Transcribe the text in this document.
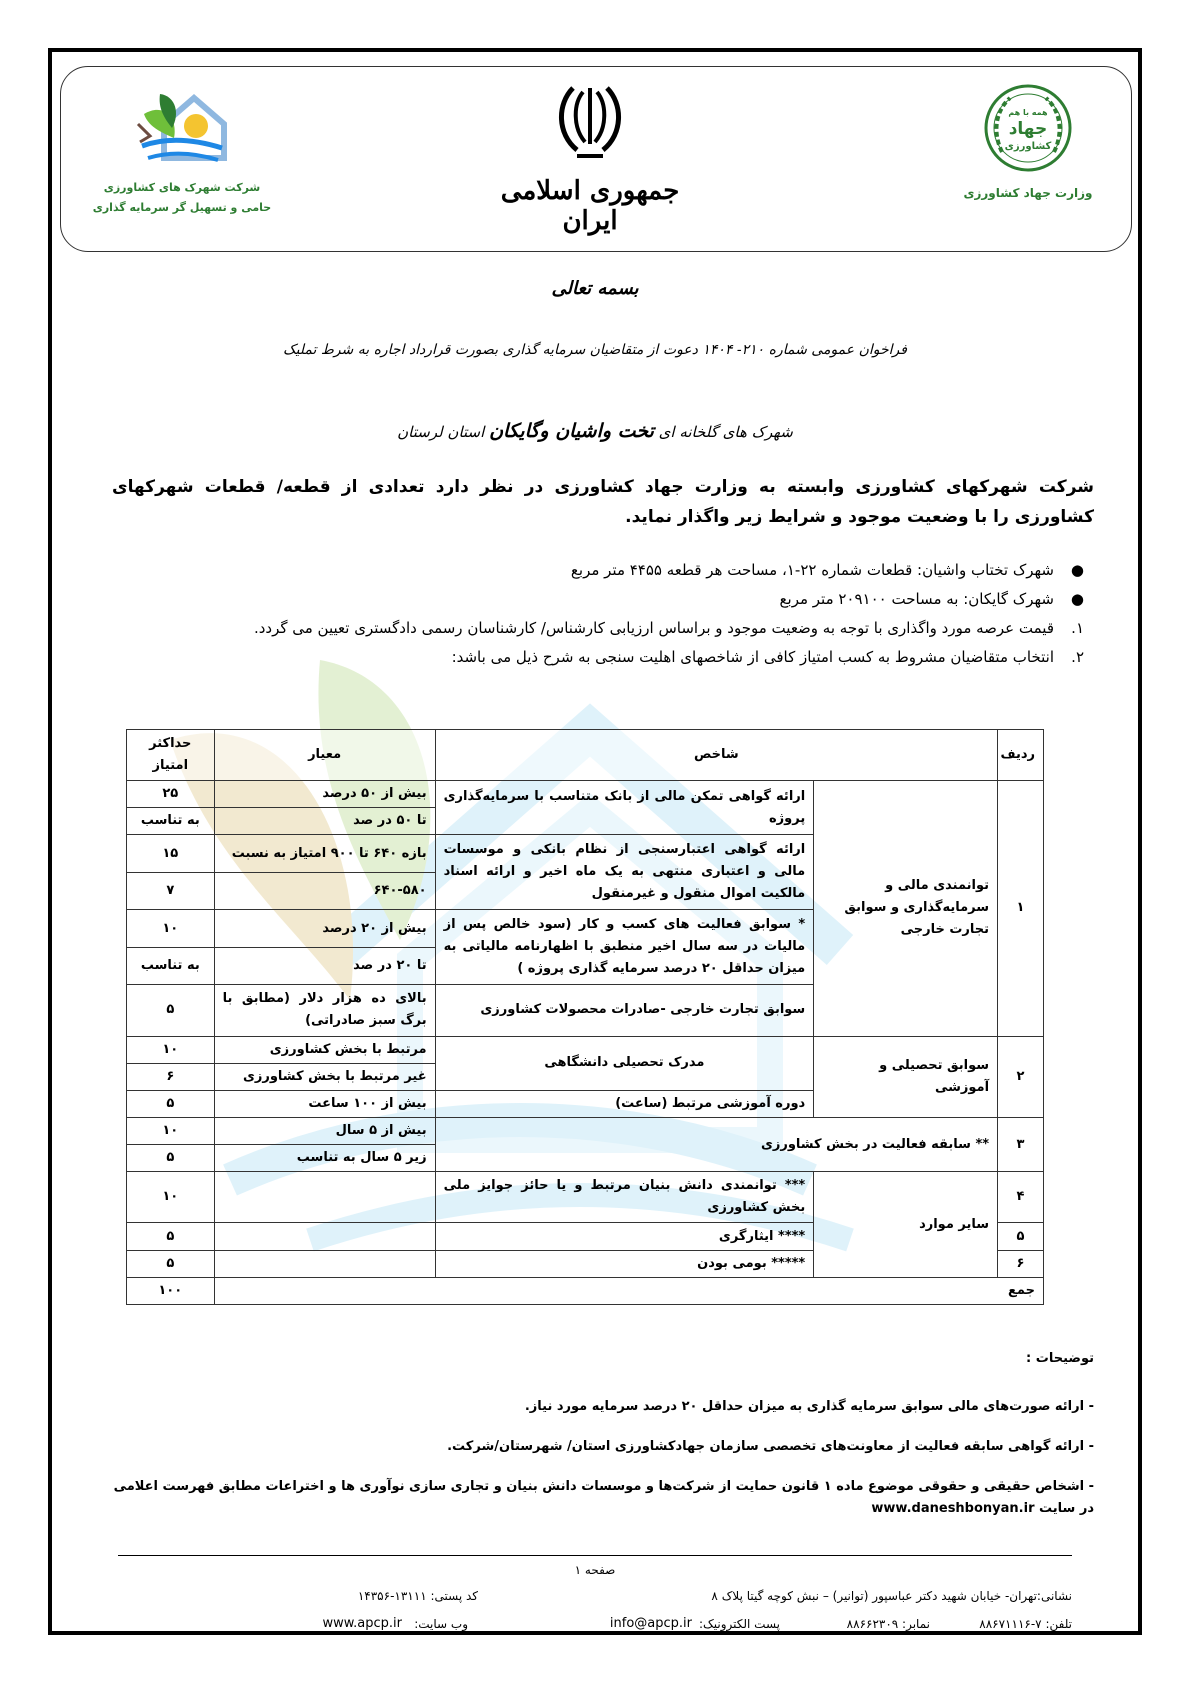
همه با هم
جهاد
کشاورزی
وزارت جهاد کشاورزی
جمهوری اسلامی ایران
شرکت شهرک های کشاورزی
حامی و تسهیل گر سرمایه گذاری
بسمه تعالی
فراخوان عمومی شماره ۲۱۰- ۱۴۰۴ دعوت از متقاضیان سرمایه گذاری بصورت قرارداد اجاره به شرط تملیک
شهرک های گلخانه ای تخت واشیان وگایکان استان لرستان
شرکت شهرکهای کشاورزی وابسته به وزارت جهاد کشاورزی در نظر دارد تعدادی از قطعه/ قطعات شهرکهای کشاورزی را با وضعیت موجود و شرایط زیر واگذار نماید.
●
شهرک تختاب واشیان: قطعات شماره ۲۲-۱، مساحت هر قطعه ۴۴۵۵ متر مربع
●
شهرک گایکان: به مساحت ۲۰۹۱۰۰ متر مربع
۱.
قیمت عرصه مورد واگذاری با توجه به وضعیت موجود و براساس ارزیابی کارشناس/ کارشناسان رسمی دادگستری تعیین می گردد.
۲.
انتخاب متقاضیان مشروط به کسب امتیاز کافی از شاخصهای اهلیت سنجی به شرح ذیل می باشد:
ردیف	شاخص		معیار	حداکثر امتیاز
۱	توانمندی مالی و سرمایه‌گذاری و سوابق تجارت خارجی	ارائه گواهی تمکن مالی از بانک متناسب با سرمایه‌گذاری پروژه	بیش از ۵۰ درصد	۲۵
			تا ۵۰ در صد	به تناسب
		ارائه گواهی اعتبارسنجی از نظام بانکی و موسسات مالی و اعتباری منتهی به یک ماه اخیر و ارائه اسناد مالکیت اموال منقول و غیرمنقول	بازه ۶۴۰ تا ۹۰۰ امتیاز به نسبت	۱۵
			۶۴۰-۵۸۰	۷
		* سوابق فعالیت های کسب و کار (سود خالص پس از مالیات در سه سال اخیر منطبق با اظهارنامه مالیاتی به میزان حداقل ۲۰ درصد سرمایه گذاری پروژه )	بیش از ۲۰ درصد	۱۰
			تا ۲۰ در صد	به تناسب
		سوابق تجارت خارجی -صادرات محصولات کشاورزی	بالای ده هزار دلار (مطابق با برگ سبز صادراتی)	۵

۲	سوابق تحصیلی و آموزشی	مدرک تحصیلی دانشگاهی	مرتبط با بخش کشاورزی	۱۰
			غیر مرتبط با بخش کشاورزی	۶
		دوره آموزشی مرتبط (ساعت)	بیش از ۱۰۰ ساعت	۵
۳	** سابقه فعالیت در بخش کشاورزی		بیش از ۵ سال	۱۰
			زیر ۵ سال به تناسب	۵
۴	سایر موارد	*** توانمندی دانش بنیان مرتبط و یا حائز جوایز ملی بخش کشاورزی		۱۰
۵		**** ایثارگری		۵
۶		***** بومی بودن		۵
جمع				۱۰۰

توضیحات :

- ارائه صورت‌های مالی سوابق سرمایه گذاری به میزان حداقل ۲۰ درصد سرمایه مورد نیاز.

- ارائه گواهی سابقه فعالیت از معاونت‌های تخصصی سازمان جهادکشاورزی استان/ شهرستان/شرکت.

- اشخاص حقیقی و حقوقی موضوع ماده ۱ قانون حمایت از شرکت‌ها و موسسات دانش بنیان و تجاری سازی نوآوری ها و اختراعات مطابق فهرست اعلامی در سایت www.daneshbonyan.ir

صفحه ۱
نشانی:تهران- خیابان شهید دکتر عباسپور (توانیر) – نبش کوچه گیتا پلاک ۸
کد پستی: ۱۳۱۱۱-۱۴۳۵۶
تلفن: ۷-۸۸۶۷۱۱۱۶
نمابر: ۸۸۶۶۲۳۰۹
پست الکترونیک:
info@apcp.ir
وب سایت:
www.apcp.ir
